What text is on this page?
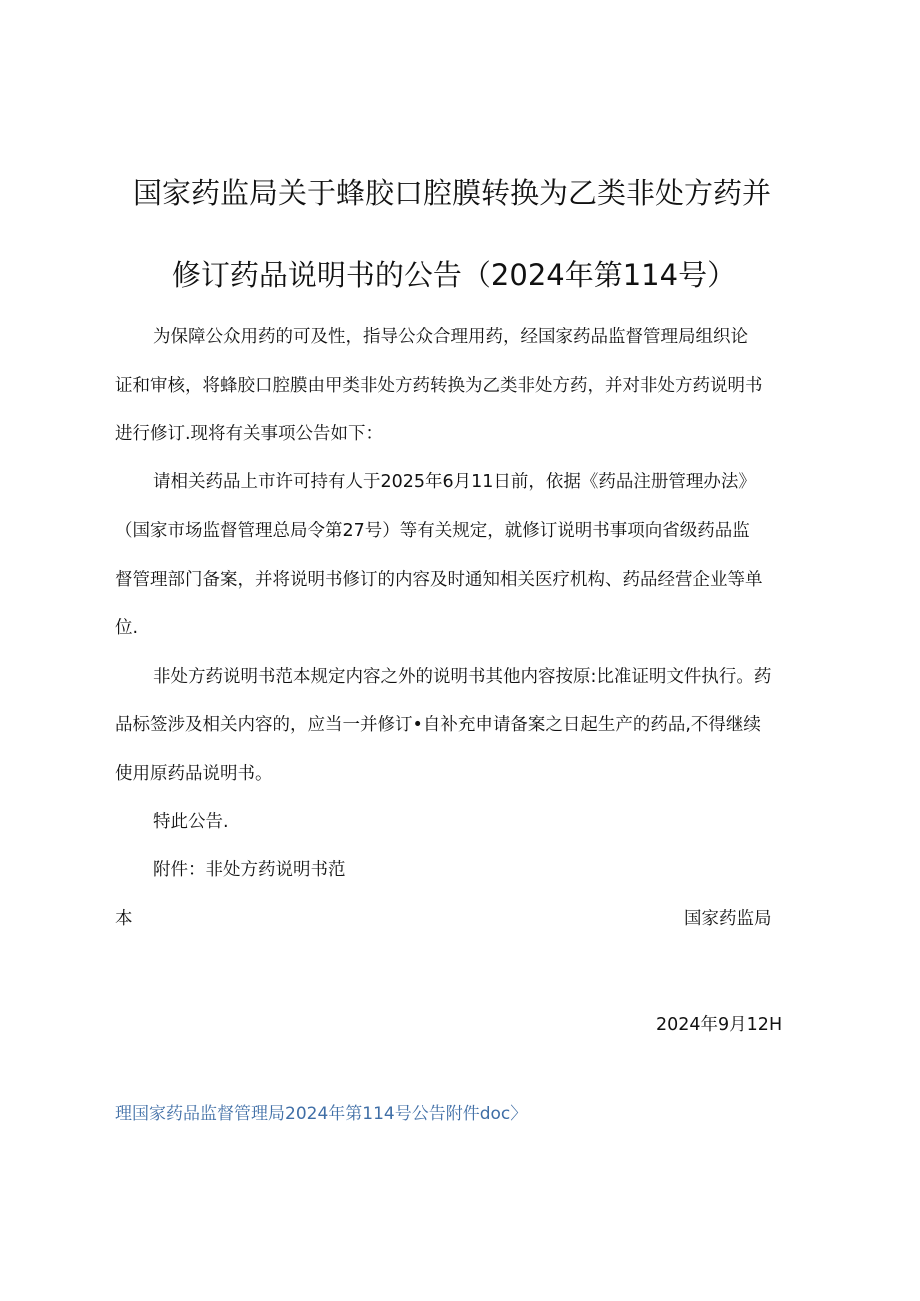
国家药监局关于蜂胶口腔膜转换为乙类非处方药并
修订药品说明书的公告（2024年第114号）
为保障公众用药的可及性，指导公众合理用药，经国家药品监督管理局组织论
证和审核，将蜂胶口腔膜由甲类非处方药转换为乙类非处方药，并对非处方药说明书
进行修订.现将有关事项公告如下：
请相关药品上市许可持有人于2025年6月11日前，依据《药品注册管理办法》
（国家市场监督管理总局令第27号）等有关规定，就修订说明书事项向省级药品监
督管理部门备案，并将说明书修订的内容及时通知相关医疗机构、药品经营企业等单
位.
非处方药说明书范本规定内容之外的说明书其他内容按原:比准证明文件执行。药
品标签涉及相关内容的，应当一并修订•自补充申请备案之日起生产的药品,不得继续
使用原药品说明书。
特此公告.
附件：非处方药说明书范
本	国家药监局
2024年9月12H
理国家药品监督管理局2024年第114号公告附件doc〉
